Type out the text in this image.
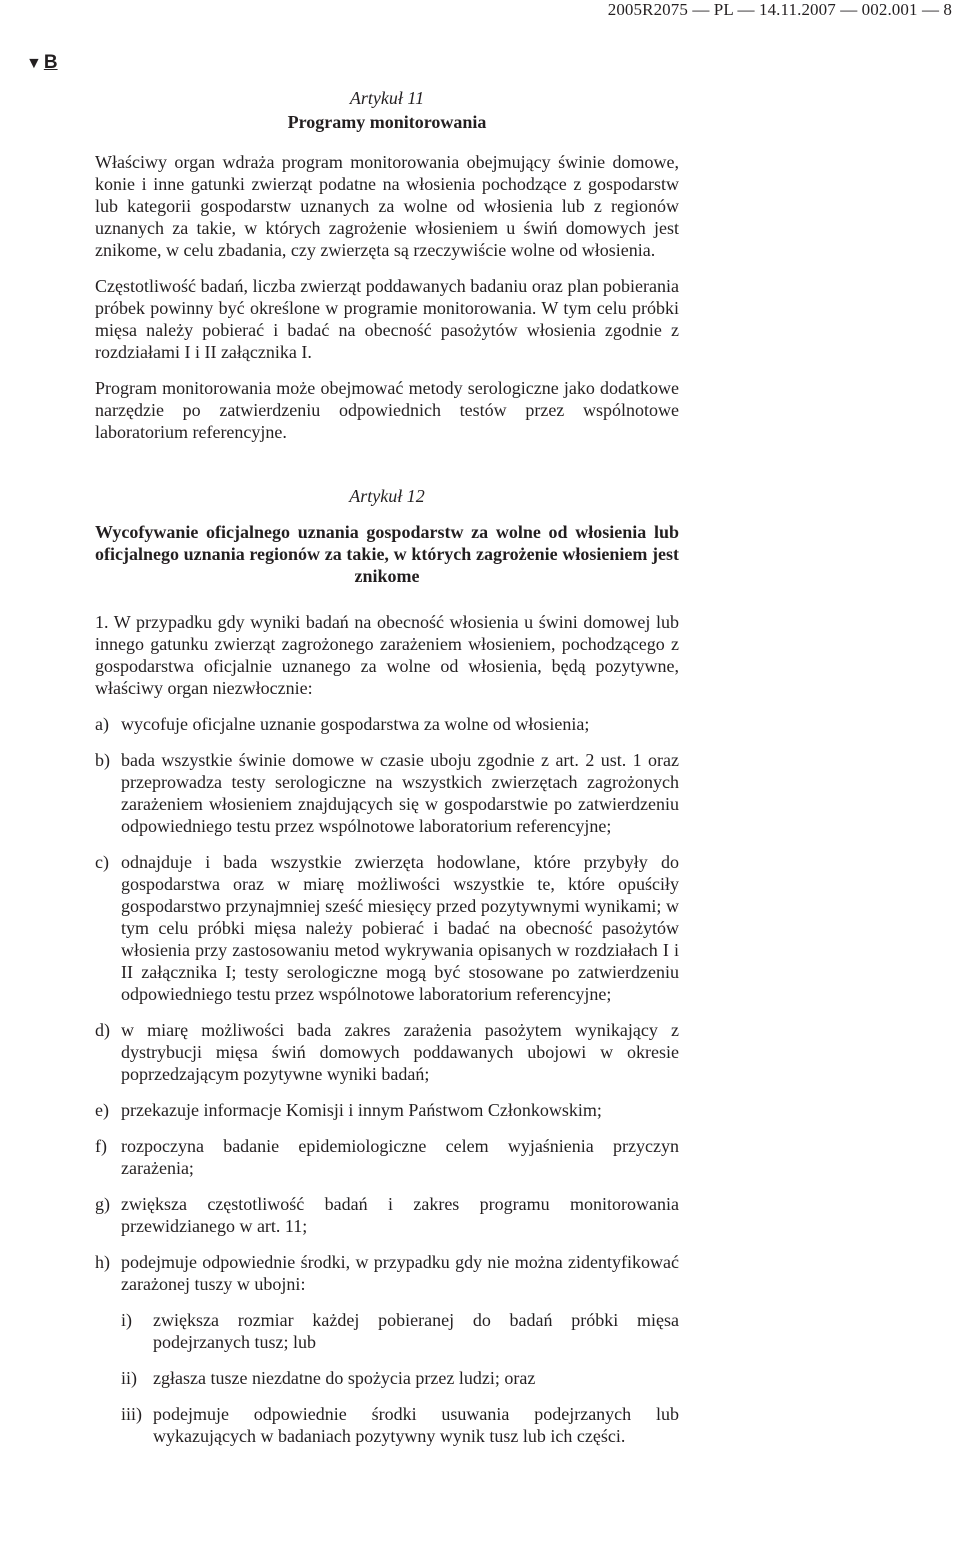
2005R2075 — PL — 14.11.2007 — 002.001 — 8
▼ B

Artykuł 11

Programy monitorowania

Właściwy organ wdraża program monitorowania obejmujący świnie domowe, konie i inne gatunki zwierząt podatne na włosienia pochodzące z gospodarstw lub kategorii gospodarstw uznanych za wolne od włosienia lub z regionów uznanych za takie, w których zagrożenie włosieniem u świń domowych jest znikome, w celu zbadania, czy zwierzęta są rzeczywiście wolne od włosienia.

Częstotliwość badań, liczba zwierząt poddawanych badaniu oraz plan pobierania próbek powinny być określone w programie monitorowania. W tym celu próbki mięsa należy pobierać i badać na obecność pasożytów włosienia zgodnie z rozdziałami I i II załącznika I.

Program monitorowania może obejmować metody serologiczne jako dodatkowe narzędzie po zatwierdzeniu odpowiednich testów przez wspólnotowe laboratorium referencyjne.

Artykuł 12

Wycofywanie oficjalnego uznania gospodarstw za wolne od włosienia lub oficjalnego uznania regionów za takie, w których zagrożenie włosieniem jest znikome

1. W przypadku gdy wyniki badań na obecność włosienia u świni domowej lub innego gatunku zwierząt zagrożonego zarażeniem włosieniem, pochodzącego z gospodarstwa oficjalnie uznanego za wolne od włosienia, będą pozytywne, właściwy organ niezwłocznie:

a) wycofuje oficjalne uznanie gospodarstwa za wolne od włosienia;
b) bada wszystkie świnie domowe w czasie uboju zgodnie z art. 2 ust. 1 oraz przeprowadza testy serologiczne na wszystkich zwierzętach zagrożonych zarażeniem włosieniem znajdujących się w gospodarstwie po zatwierdzeniu odpowiedniego testu przez wspólnotowe laboratorium referencyjne;
c) odnajduje i bada wszystkie zwierzęta hodowlane, które przybyły do gospodarstwa oraz w miarę możliwości wszystkie te, które opuściły gospodarstwo przynajmniej sześć miesięcy przed pozytywnymi wynikami; w tym celu próbki mięsa należy pobierać i badać na obecność pasożytów włosienia przy zastosowaniu metod wykrywania opisanych w rozdziałach I i II załącznika I; testy serologiczne mogą być stosowane po zatwierdzeniu odpowiedniego testu przez wspólnotowe laboratorium referencyjne;
d) w miarę możliwości bada zakres zarażenia pasożytem wynikający z dystrybucji mięsa świń domowych poddawanych ubojowi w okresie poprzedzającym pozytywne wyniki badań;
e) przekazuje informacje Komisji i innym Państwom Członkowskim;
f) rozpoczyna badanie epidemiologiczne celem wyjaśnienia przyczyn zarażenia;
g) zwiększa częstotliwość badań i zakres programu monitorowania przewidzianego w art. 11;
h) podejmuje odpowiednie środki, w przypadku gdy nie można zidentyfikować zarażonej tuszy w ubojni:
i)	zwiększa rozmiar każdej pobieranej do badań próbki mięsa podejrzanych tusz; lub
ii) zgłasza tusze niezdatne do spożycia przez ludzi; oraz
iii) podejmuje odpowiednie środki usuwania podejrzanych lub wykazujących w badaniach pozytywny wynik tusz lub ich części.
